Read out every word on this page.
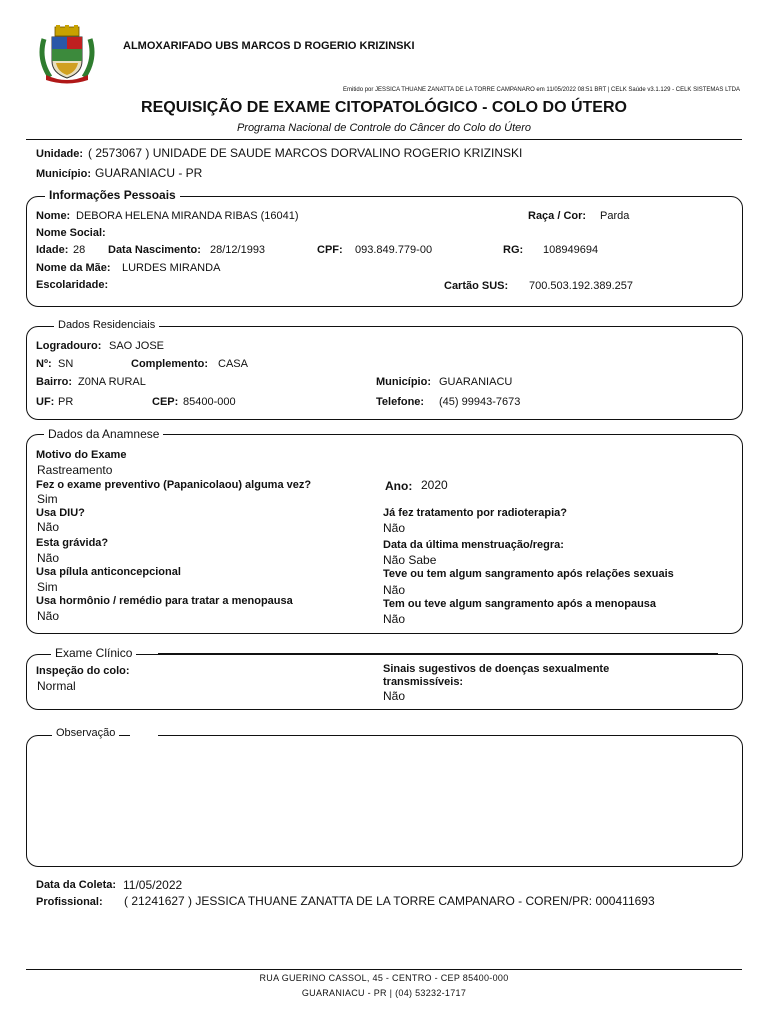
ALMOXARIFADO UBS MARCOS D ROGERIO KRIZINSKI
Emitido por JESSICA THUANE ZANATTA DE LA TORRE CAMPANARO em 11/05/2022 08:51 BRT | CELK Saúde v3.1.129 - CELK SISTEMAS LTDA
REQUISIÇÃO DE EXAME CITOPATOLÓGICO - COLO DO ÚTERO
Programa Nacional de Controle do Câncer do Colo do Útero
Unidade: ( 2573067 ) UNIDADE DE SAUDE MARCOS DORVALINO ROGERIO KRIZINSKI
Município: GUARANIACU - PR
Informações Pessoais
Nome: DEBORA HELENA MIRANDA RIBAS (16041)	Raça / Cor: Parda
Nome Social:
Idade: 28 Data Nascimento: 28/12/1993	CPF: 093.849.779-00	RG: 108949694
Nome da Mãe: LURDES MIRANDA
Escolaridade:	Cartão SUS: 700.503.192.389.257
Dados Residenciais
Logradouro: SAO JOSE
Nº: SN	Complemento: CASA
Bairro: Z0NA RURAL	Município: GUARANIACU
UF: PR	CEP: 85400-000	Telefone: (45) 99943-7673
Dados da Anamnese
Motivo do Exame
Rastreamento
Fez o exame preventivo (Papanicolaou) alguma vez?
Sim
Ano: 2020
Usa DIU?
Não
Já fez tratamento por radioterapia?
Não
Esta grávida?
Não
Data da última menstruação/regra:
Não Sabe
Usa pílula anticoncepcional
Sim
Teve ou tem algum sangramento após relações sexuais
Não
Usa hormônio / remédio para tratar a menopausa
Não
Tem ou teve algum sangramento após a menopausa
Não
Exame Clínico
Inspeção do colo:
Normal
Sinais sugestivos de doenças sexualmente
transmissíveis:
Não
Observação
Data da Coleta: 11/05/2022
Profissional: ( 21241627 ) JESSICA THUANE ZANATTA DE LA TORRE CAMPANARO - COREN/PR: 000411693
RUA GUERINO CASSOL, 45 - CENTRO - CEP 85400-000
GUARANIACU - PR | (04) 53232-1717
